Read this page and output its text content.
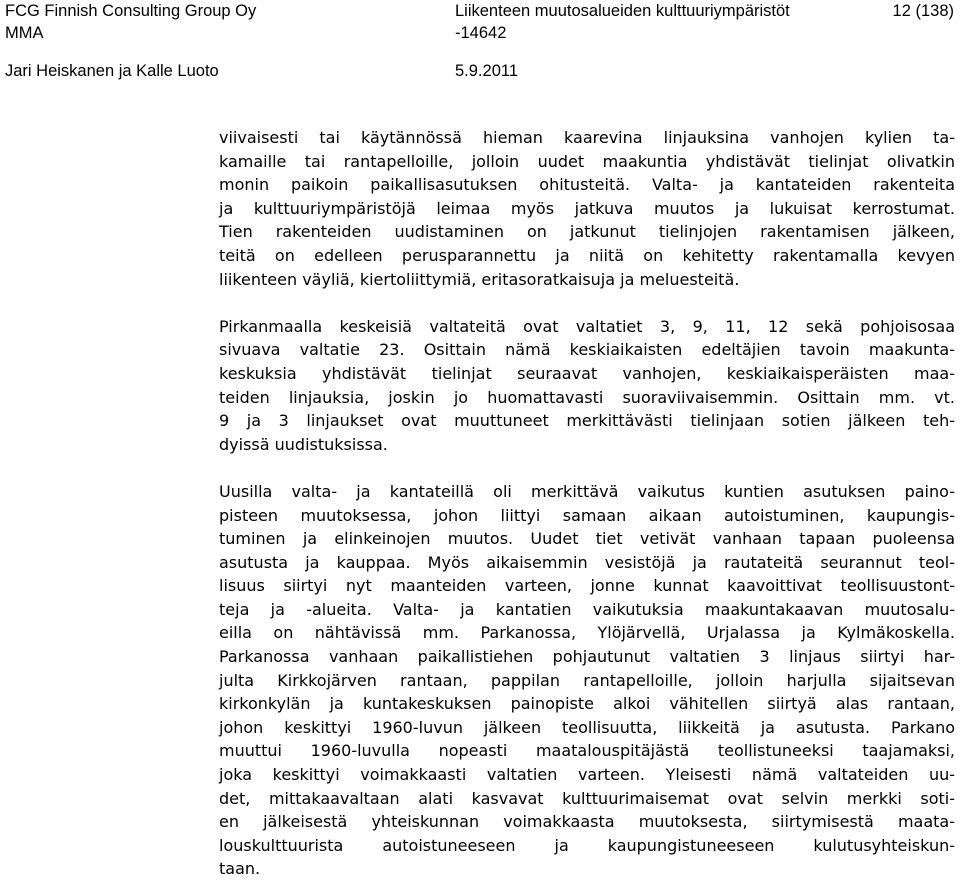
FCG Finnish Consulting Group Oy
MMA
Liikenteen muutosalueiden kulttuuriympäristöt
-14642
12 (138)
Jari Heiskanen ja Kalle Luoto	5.9.2011
viivaisesti tai käytännössä hieman kaarevina linjauksina vanhojen kylien ta-
kamaille tai rantapelloille, jolloin uudet maakuntia yhdistävät tielinjat olivatkin
monin paikoin paikallisasutuksen ohitusteitä. Valta- ja kantateiden rakenteita
ja kulttuuriympäristöjä leimaa myös jatkuva muutos ja lukuisat kerrostumat.
Tien rakenteiden uudistaminen on jatkunut tielinjojen rakentamisen jälkeen,
teitä on edelleen perusparannettu ja niitä on kehitetty rakentamalla kevyen
liikenteen väyliä, kiertoliittymiä, eritasoratkaisuja ja meluesteitä.
Pirkanmaalla keskeisiä valtateitä ovat valtatiet 3, 9, 11, 12 sekä pohjoisosaa
sivuava valtatie 23. Osittain nämä keskiaikaisten edeltäjien tavoin maakunta-
keskuksia yhdistävät tielinjat seuraavat vanhojen, keskiaikaisperäisten maa-
teiden linjauksia, joskin jo huomattavasti suoraviivaisemmin. Osittain mm. vt.
9 ja 3 linjaukset ovat muuttuneet merkittävästi tielinjaan sotien jälkeen teh-
dyissä uudistuksissa.
Uusilla valta- ja kantateillä oli merkittävä vaikutus kuntien asutuksen paino-
pisteen muutoksessa, johon liittyi samaan aikaan autoistuminen, kaupungis-
tuminen ja elinkeinojen muutos. Uudet tiet vetivät vanhaan tapaan puoleensa
asutusta ja kauppaa. Myös aikaisemmin vesistöjä ja rautateitä seurannut teol-
lisuus siirtyi nyt maanteiden varteen, jonne kunnat kaavoittivat teollisuustont-
teja ja -alueita. Valta- ja kantatien vaikutuksia maakuntakaavan muutosalu-
eilla on nähtävissä mm. Parkanossa, Ylöjärvellä, Urjalassa ja Kylmäkoskella.
Parkanossa vanhaan paikallistiehen pohjautunut valtatien 3 linjaus siirtyi har-
julta Kirkkojärven rantaan, pappilan rantapelloille, jolloin harjulla sijaitsevan
kirkonkylän ja kuntakeskuksen painopiste alkoi vähitellen siirtyä alas rantaan,
johon keskittyi 1960-luvun jälkeen teollisuutta, liikkeitä ja asutusta. Parkano
muuttui 1960-luvulla nopeasti maatalouspitäjästä teollistuneeksi taajamaksi,
joka keskittyi voimakkaasti valtatien varteen. Yleisesti nämä valtateiden uu-
det, mittakaavaltaan alati kasvavat kulttuurimaisemat ovat selvin merkki soti-
en jälkeisestä yhteiskunnan voimakkaasta muutoksesta, siirtymisestä maata-
louskulttuurista autoistuneeseen ja kaupungistuneeseen kulutusyhteiskun-
taan.
